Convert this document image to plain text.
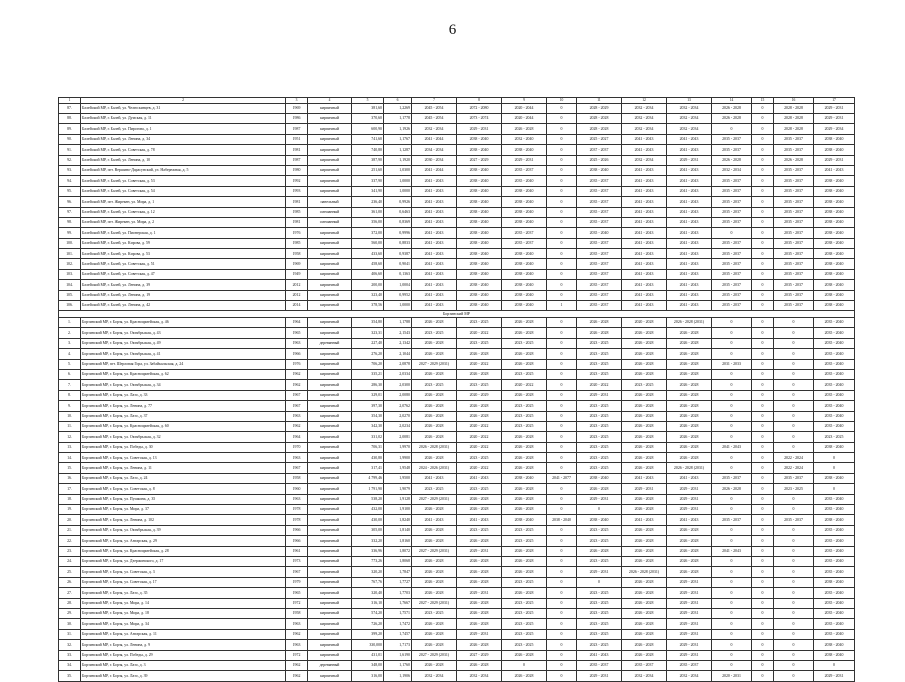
6
1	2	3	4	5	6	7	8	9	10	11	12	13	14	15	16	17
87.	Балейский МР, г. Балей, ул. Челюскинцев, д. 31	1969	кирпичный	381,60	1,2269	2045 - 2054	2072 - 2080	2020 - 2044	0	2028 - 2029	2032 - 2034	2032 - 2034	2026 - 2028	0	2028 - 2028	2029 - 2031
88.	Балейский МР, г. Балей, ул. Думская, д. 11	1986	кирпичный	370,60	1,1778	2045 - 2054	2073 - 2074	2020 - 2044	0	2028 - 2028	2032 - 2034	2032 - 2034	2026 - 2028	0	2028 - 2028	2029 - 2031
89.	Балейский МР, г. Балей, ул. Пирогова, д. 1	1987	кирпичный	600,90	1,1926	2032 - 2034	2029 - 2031	2026 - 2028	0	2028 - 2028	2032 - 2034	2032 - 2034	0	0	2028 - 2028	2029 - 2034
90.	Балейский МР, г. Балей, ул. Ленина, д. 34	1951	кирпичный	741,60	1,1767	2041 - 2044	2038 - 2040	2032 - 2040	0	2025 - 2027	2041 - 2043	2041 - 2043	2035 - 2037	0	2035 - 2037	2038 - 2040
91.	Балейский МР, г. Балей, ул. Советская, д. 78	1981	кирпичный	740,80	1,1287	2034 - 2034	2038 - 2040	2038 - 2040	0	2037 - 2037	2041 - 2043	2041 - 2043	2035 - 2037	0	2035 - 2037	2038 - 2040
92.	Балейский МР, г. Балей, ул. Ленина, д. 10	1987	кирпичный	387,90	1,1920	2030 - 2034	2027 - 2029	2029 - 2031	0	2025 - 2026	2032 - 2034	2029 - 2031	2026 - 2028	0	2026 - 2028	2029 - 2031
93.	Балейский МР, пгт. Вершино-Дарасунский, ул. Набережная, д. 5	1980	кирпичный	251,60	1,0300	2041 - 2044	2038 - 2040	2035 - 2037	0	2038 - 2040	2041 - 2043	2041 - 2043	2032 - 2034	0	2035 - 2037	2041 - 2043
94.	Балейский МР, г. Балей, ул. Советская, д. 53	1992	кирпичный	337,90	1,0000	2041 - 2043	2038 - 2040	2035 - 2040	0	2035 - 2037	2041 - 2043	2041 - 2043	2035 - 2037	0	2035 - 2037	2038 - 2040
95.	Балейский МР, г. Балей, ул. Советская, д. 54	1993	кирпичный	341,90	1,0000	2041 - 2043	2038 - 2040	2038 - 2040	0	2035 - 2037	2041 - 2043	2041 - 2043	2035 - 2037	0	2035 - 2037	2038 - 2040
96.	Балейский МР, пгт. Жирекен, ул. Мира, д. 1	1981	панельный	236,40	0,9926	2041 - 2043	2038 - 2040	2038 - 2040	0	2035 - 2037	2041 - 2043	2041 - 2043	2035 - 2037	0	2035 - 2037	2038 - 2040
97.	Балейский МР, г. Балей, ул. Советская, д. 12	1985	смешанный	361,00	0,6463	2041 - 2043	2038 - 2040	2038 - 2040	0	2035 - 2037	2041 - 2043	2041 - 2043	2035 - 2037	0	2035 - 2037	2038 - 2040
98.	Балейский МР, пгт. Жирекен, ул. Мира, д. 2	1981	смешанный	356,00	0,8369	2041 - 2043	2038 - 2040	2038 - 2040	0	2035 - 2037	2041 - 2043	2041 - 2043	2035 - 2037	0	2035 - 2037	2038 - 2040
99.	Балейский МР, г. Балей, ул. Пионерская, д. 1	1976	кирпичный	372,00	0,9996	2041 - 2043	2038 - 2040	2035 - 2037	0	2035 - 2040	2041 - 2043	2041 - 2043	0	0	2035 - 2037	2038 - 2040
100.	Балейский МР, г. Балей, ул. Кирова, д. 59	1985	кирпичный	560,00	0,8833	2041 - 2043	2038 - 2040	2035 - 2037	0	2035 - 2037	2041 - 2043	2041 - 2043	2035 - 2037	0	2035 - 2037	2038 - 2040
101.	Балейский МР, г. Балей, ул. Кирова, д. 53	1958	кирпичный	433,60	0,9387	2041 - 2043	2038 - 2040	2038 - 2040	0	2035 - 2037	2041 - 2043	2041 - 2043	2035 - 2037	0	2035 - 2037	2038 - 2040
102.	Балейский МР, г. Балей, ул. Советская, д. 51	1969	кирпичный	458,60	0,9041	2041 - 2043	2038 - 2040	2038 - 2040	0	2035 - 2037	2041 - 2043	2041 - 2043	2035 - 2037	0	2035 - 2037	2038 - 2040
103.	Балейский МР, г. Балей, ул. Советская, д. 47	1949	кирпичный	406,60	0,1363	2041 - 2043	2038 - 2040	2038 - 2040	0	2035 - 2037	2041 - 2043	2041 - 2043	2035 - 2037	0	2035 - 2037	2038 - 2040
104.	Балейский МР, г. Балей, ул. Ленина, д. 39	2012	кирпичный	200,00	1,0004	2041 - 2043	2038 - 2040	2038 - 2040	0	2035 - 2037	2041 - 2043	2041 - 2043	2035 - 2037	0	2035 - 2037	2038 - 2040
105.	Балейский МР, г. Балей, ул. Ленина, д. 19	2012	кирпичный	323,40	0,9952	2041 - 2043	2038 - 2040	2038 - 2040	0	2035 - 2037	2041 - 2043	2041 - 2043	2035 - 2037	0	2035 - 2037	2038 - 2040
106.	Балейский МР, г. Балей, ул. Ленина, д. 42	2014	кирпичный	378,56	1,0000	2041 - 2043	2038 - 2040	2038 - 2040	1	2035 - 2037	2041 - 2043	2041 - 2043	2035 - 2037	0	2035 - 2037	2038 - 2040
Борзинский МР																
1.	Борзинский МР, г. Борзя, ул. Красноармейская, д. 46	1964	кирпичный	354,80	1,1788	2026 - 2028	2023 - 2025	2026 - 2028	0	2026 - 2028	2020 - 2028	2026 - 2028 (2031)	0	0	0	2035 - 2040
2.	Борзинский МР, г. Борзя, ул. Октябрьская, д. 43	1965	кирпичный	323,31	2,1543	2023 - 2025	2020 - 2022	2026 - 2028	0	2026 - 2028	2026 - 2028	2026 - 2028	0	0	0	2035 - 2040
3.	Борзинский МР, г. Борзя, ул. Октябрьская, д. 49	1963	деревянный	227,40	2,1342	2026 - 2028	2023 - 2025	2023 - 2025	0	2023 - 2025	2026 - 2028	2026 - 2028	0	0	0	2035 - 2040
4.	Борзинский МР, г. Борзя, ул. Октябрьская, д. 41	1966	кирпичный	276,20	2,1044	2026 - 2028	2026 - 2028	2026 - 2028	0	2023 - 2025	2026 - 2028	2026 - 2028	0	0	0	2035 - 2040
5.	Борзинский МР, пгт. Шерловая Гора, ул. Забайкальская, д. 24	1976	кирпичный	706,20	2,0878	2027 - 2029 (2031)	2020 - 2022	2026 - 2028	0	2023 - 2025	2026 - 2028	2026 - 2028	2031 - 2033	0	0	2035 - 2040
6.	Борзинский МР, г. Борзя, ул. Красноармейская, д. 62	1962	кирпичный	335,21	2,0334	2026 - 2028	2026 - 2028	2023 - 2025	0	2023 - 2025	2026 - 2028	2026 - 2028	0	0	0	2035 - 2040
7.	Борзинский МР, г. Борзя, ул. Октябрьская, д. 34	1962	кирпичный	286,30	2,0300	2023 - 2025	2023 - 2025	2020 - 2022	0	2020 - 2022	2023 - 2025	2026 - 2028	0	0	0	2035 - 2040
8.	Борзинский МР, г. Борзя, ул. Лазо, д. 33	1967	кирпичный	329,01	2,0080	2026 - 2028	2020 - 2029	2026 - 2028	0	2029 - 2031	2026 - 2028	2026 - 2028	0	0	0	2035 - 2040
9.	Борзинский МР, г. Борзя, ул. Ленина, д. 77	1967	кирпичный	397,30	2,0762	2026 - 2028	2026 - 2028	2023 - 2025	0	2023 - 2025	2026 - 2028	2026 - 2028	0	0	0	2035 - 2040
10.	Борзинский МР, г. Борзя, ул. Лазо, д. 37	1963	кирпичный	354,30	2,0270	2026 - 2028	2026 - 2028	2023 - 2025	0	2023 - 2025	2026 - 2028	2026 - 2028	0	0	0	2035 - 2040
11.	Борзинский МР, г. Борзя, ул. Красноармейская, д. 60	1962	кирпичный	342,30	2,0234	2026 - 2028	2020 - 2022	2023 - 2025	0	2023 - 2025	2026 - 2028	2026 - 2028	0	0	0	2035 - 2040
12.	Борзинский МР, г. Борзя, ул. Октябрьская, д. 32	1964	кирпичный	331,02	2,0081	2026 - 2028	2020 - 2022	2026 - 2028	0	2023 - 2025	2026 - 2028	2026 - 2028	0	0	0	2023 - 2025
13.	Борзинский МР, г. Борзя, ул. Победы, д. 30	1970	кирпичный	706,31	1,9970	2026 - 2028 (2031)	2020 - 2022	2026 - 2028	0	2023 - 2025	2026 - 2028	2026 - 2028	2041 - 2043	0	0	2038 - 2040
14.	Борзинский МР, г. Борзя, ул. Советская, д. 13	1963	кирпичный	430,80	1,9900	2026 - 2028	2023 - 2025	2026 - 2028	0	2023 - 2025	2026 - 2028	2026 - 2028	0	0	2022 - 2024	0
15.	Борзинский МР, г. Борзя, ул. Ленина, д. 11	1967	кирпичный	317,41	1,9548	2024 - 2026 (2031)	2020 - 2022	2026 - 2028	0	2023 - 2025	2026 - 2028	2026 - 2028 (2031)	0	0	2022 - 2024	0
16.	Борзинский МР, г. Борзя, ул. Лазо, д. 24	1958	кирпичный	4 799,46	1,9500	2041 - 2043	2041 - 2043	2038 - 2040	2041 - 2077	2038 - 2040	2041 - 2043	2041 - 2043	2035 - 2037	0	2035 - 2037	2038 - 2040
17.	Борзинский МР, г. Борзя, ул. Советская, д. 8	1960	кирпичный	1 791,90	1,9079	2023 - 2025	2023 - 2025	2026 - 2028	0	2026 - 2028	2029 - 2031	2029 - 2031	2026 - 2028	0	2023 - 2025	0
18.	Борзинский МР, г. Борзя, ул. Пушкина, д. 35	1963	кирпичный	538,20	1,9128	2027 - 2029 (2031)	2026 - 2028	2026 - 2028	0	2029 - 2031	2026 - 2028	2029 - 2031	0	0	0	2035 - 2040
19.	Борзинский МР, г. Борзя, ул. Мира, д. 37	1978	кирпичный	432,00	1,9100	2026 - 2028	2026 - 2028	2026 - 2028	0	0	2026 - 2028	2029 - 2031	0	0	0	2035 - 2040
20.	Борзинский МР, г. Борзя, ул. Ленина, д. 102	1978	кирпичный	430,00	1,8240	2041 - 2043	2041 - 2043	2038 - 2040	2038 - 2040	2038 - 2040	2041 - 2043	2041 - 2043	2035 - 2037	0	2035 - 2037	2038 - 2040
21.	Борзинский МР, г. Борзя, ул. Октябрьская, д. 39	1966	кирпичный	305,00	1,8140	2026 - 2028	2023 - 2025	2023 - 2025	0	2023 - 2025	2026 - 2028	2026 - 2028	0	0	0	2035 - 2040
22.	Борзинский МР, г. Борзя, ул. Ангарская, д. 29	1966	кирпичный	332,20	1,8160	2026 - 2028	2026 - 2028	2023 - 2025	0	2023 - 2025	2026 - 2028	2026 - 2028	0	0	0	2035 - 2040
23.	Борзинский МР, г. Борзя, ул. Красноармейская, д. 28	1961	кирпичный	336,96	1,8072	2027 - 2029 (2031)	2029 - 2031	2026 - 2028	0	2026 - 2028	2026 - 2028	2026 - 2028	2041 - 2043	0	0	2035 - 2040
24.	Борзинский МР, г. Борзя, ул. Дзержинского, д. 17	1973	кирпичный	773,26	1,8068	2026 - 2028	2026 - 2028	2026 - 2028	0	2023 - 2025	2026 - 2028	2026 - 2028	0	0	0	2035 - 2040
25.	Борзинский МР, г. Борзя, ул. Советская, д. 3	1967	кирпичный	320,20	1,7847	2026 - 2028	2026 - 2028	2026 - 2028	0	2029 - 2031	2026 - 2028 (2031)	2026 - 2028	0	0	0	2035 - 2040
26.	Борзинский МР, г. Борзя, ул. Советская, д. 17	1979	кирпичный	767,76	1,7727	2026 - 2028	2026 - 2028	2023 - 2025	0	0	2026 - 2028	2029 - 2031	0	0	0	2038 - 2040
27.	Борзинский МР, г. Борзя, ул. Лазо, д. 35	1965	кирпичный	320,40	1,7703	2026 - 2028	2029 - 2031	2026 - 2028	0	2023 - 2025	2026 - 2028	2029 - 2031	0	0	0	2035 - 2040
28.	Борзинский МР, г. Борзя, ул. Мира, д. 14	1972	кирпичный	316,10	1,7667	2027 - 2029 (2031)	2026 - 2028	2023 - 2025	0	2023 - 2025	2026 - 2028	2029 - 2031	0	0	0	2035 - 2040
29.	Борзинский МР, г. Борзя, ул. Мира, д. 18	1958	кирпичный	574,20	1,7571	2023 - 2025	2026 - 2028	2023 - 2025	0	2023 - 2025	2026 - 2028	2029 - 2031	0	0	0	2035 - 2040
30.	Борзинский МР, г. Борзя, ул. Мира, д. 34	1963	кирпичный	726,20	1,7472	2026 - 2028	2026 - 2028	2023 - 2025	0	2023 - 2025	2026 - 2028	2029 - 2031	0	0	0	2035 - 2040
31.	Борзинский МР, г. Борзя, ул. Ангарская, д. 11	1962	кирпичный	399,20	1,7457	2026 - 2028	2029 - 2031	2023 - 2025	0	2023 - 2025	2026 - 2028	2029 - 2031	0	0	0	2035 - 2040
32.	Борзинский МР, г. Борзя, ул. Ленина, д. 9	1963	кирпичный	330,000	1,7173	2026 - 2028	2026 - 2028	2023 - 2025	0	2023 - 2025	2026 - 2028	2029 - 2031	0	0	0	2038 - 2040
33.	Борзинский МР, г. Борзя, ул. Победы, д. 29	1972	кирпичный	431,01	1,6190	2027 - 2029 (2031)	2027 - 2029	2026 - 2028	0	2041 - 2043	2026 - 2028	2029 - 2031	0	0	0	2038 - 2040
34.	Борзинский МР, г. Борзя, ул. Лазо, д. 3	1962	деревянный	348,00	1,1760	2026 - 2028	2026 - 2028	0	0	2035 - 2037	2035 - 2037	2035 - 2037	0	0	0	0
35.	Борзинский МР, г. Борзя, ул. Лазо, д. 39	1962	кирпичный	316,00	1,1906	2032 - 2034	2032 - 2034	2026 - 2028	0	2029 - 2031	2032 - 2034	2032 - 2034	2020 - 2031	0	0	2029 - 2031
